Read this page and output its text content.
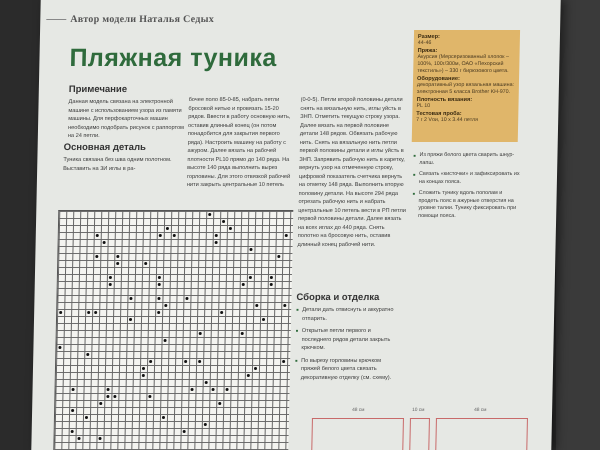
Автор модели Наталья Седых
Пляжная туника
Примечание
Данная модель связана на электронной машине с использованием узора из памяти машины. Для перфокарточных машин необходимо подобрать рисунок с раппортом на 24 петли.
Основная деталь
Туника связана без шва одним полотном. Выставить на 3И иглы в ра-
бочее поло 85-0-85, набрать петли бросовой нитью и провязать 15-20 рядов. Ввести в работу основную нить, оставив длинный конец (он потом понадобится для закрытия первого ряда). Настроить машину на работу с ажуром. Далее вязать на рабочей плотности PL10 прямо до 140 ряда. На высоте 140 ряда выполнить вырез горловины. Для этого отвязкой рабочей нити закрыть центральные 10 петель
(0-0-5). Петли второй половины детали снять на вязальную нить, иглы уйсть в ЗНП. Отметить текущую строку узора. Далее вязать на первой половине детали 148 рядов. Обвязать рабочую нить. Снять на вязальную нить петли первой половины детали и иглы уйсть в ЗНП. Запрявить рабочую нить в каретку, вернуть узор на отмеченную строку, цифровой показатель счетчика вернуть на отметку 148 ряда. Выполнить вторую половину детали. На высоте 294 ряда отрезать рабочую нить и набрать центральные 10 петель вести в РП петли первой половины детали. Далее вязать на всех иглах до 440 ряда. Снять полотно на бросовую нить, оставив длинный конец рабочей нити.
Сборка и отделка
■ Детали дать отвиснуть и аккуратно отпарить.
■ Открытые петли первого и последнего рядов детали закрыть крючком.
■ По вырезу горловины крючком пряжей белого цвета связать декоративную отделку (см. схему).
Размер:
44-46
Пряжа:
Акурсия (Мерсеризованный хлопок – 100%, 100г/300м, ОАО «Пехорский текстиль») – 330 г бирюзового цвета.
Оборудование:
декоративный узор вязальная машина: электронная 5 класса Brother KH-970.
Плотность вязания:
PL 10
Тестовая проба:
7 г 2 Vои, 10 х 3.44 петля
■ Из пряжи белого цвета сварить шнур-лапш.
■ Связать «кисточки» и зафиксировать их на концах пояса.
■ Сложить тунику вдоль пополам и продеть пояс в ажурные отверстия на уровне талии. Тунику фиксировать при помощи пояса.
48 см	10 см	48 см
